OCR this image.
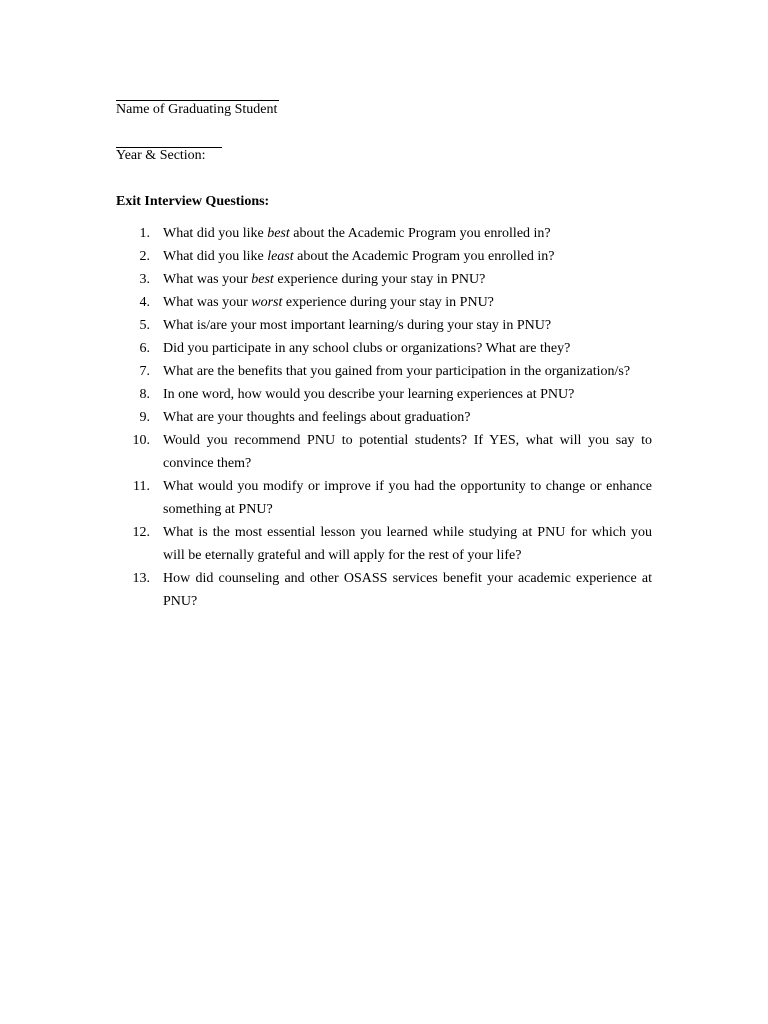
Name of Graduating Student
Year & Section:
Exit Interview Questions:
1. What did you like best about the Academic Program you enrolled in?
2. What did you like least about the Academic Program you enrolled in?
3. What was your best experience during your stay in PNU?
4. What was your worst experience during your stay in PNU?
5. What is/are your most important learning/s during your stay in PNU?
6. Did you participate in any school clubs or organizations? What are they?
7. What are the benefits that you gained from your participation in the organization/s?
8. In one word, how would you describe your learning experiences at PNU?
9. What are your thoughts and feelings about graduation?
10. Would you recommend PNU to potential students? If YES, what will you say to convince them?
11. What would you modify or improve if you had the opportunity to change or enhance something at PNU?
12. What is the most essential lesson you learned while studying at PNU for which you will be eternally grateful and will apply for the rest of your life?
13. How did counseling and other OSASS services benefit your academic experience at PNU?
